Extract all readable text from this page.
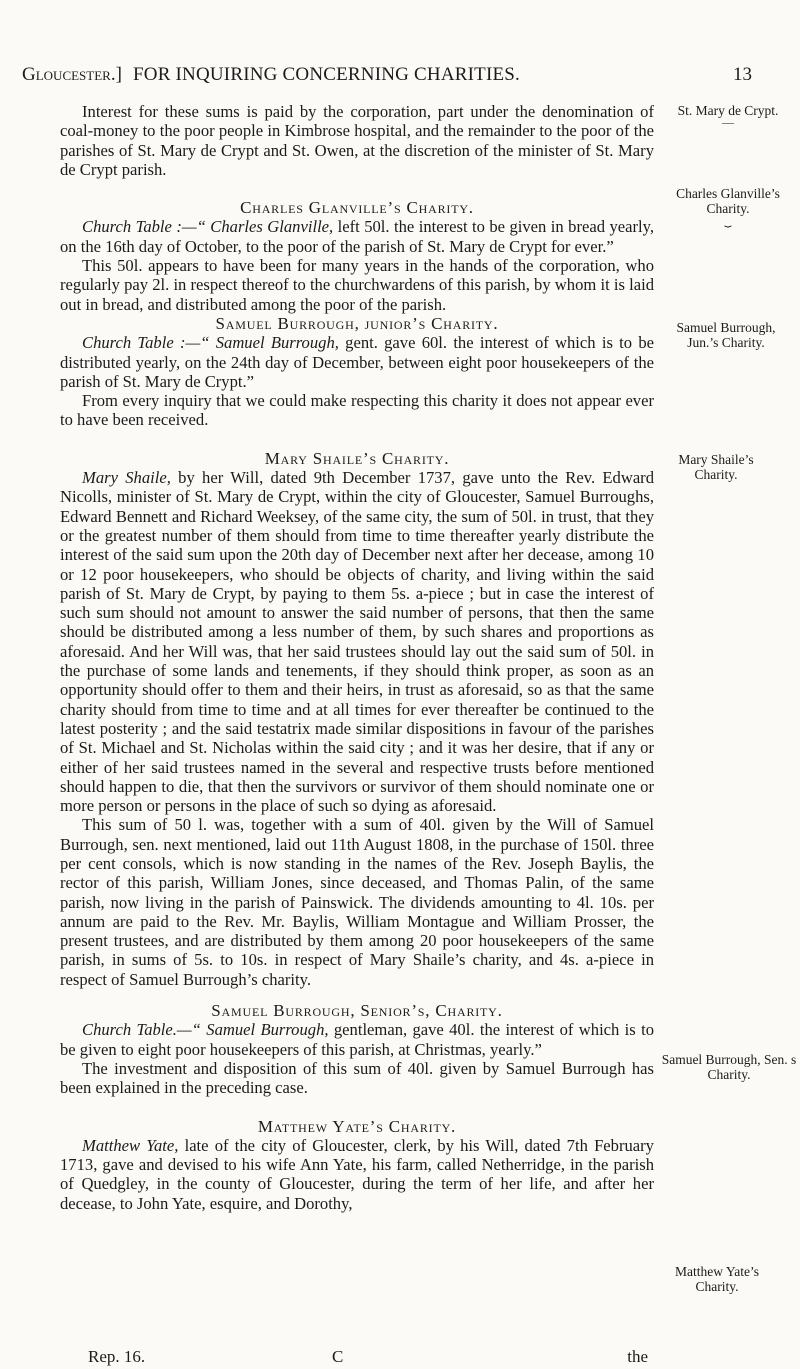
Gloucester.] FOR INQUIRING CONCERNING CHARITIES.	13

Interest for these sums is paid by the corporation, part under the denomination of coal-money to the poor people in Kimbrose hospital, and the remainder to the poor of the parishes of St. Mary de Crypt and St. Owen, at the discretion of the minister of St. Mary de Crypt parish.

Charles Glanville’s Charity.

Church Table :—“ Charles Glanville, left 50l. the interest to be given in bread yearly, on the 16th day of October, to the poor of the parish of St. Mary de Crypt for ever.”

This 50l. appears to have been for many years in the hands of the corporation, who regularly pay 2l. in respect thereof to the churchwardens of this parish, by whom it is laid out in bread, and distributed among the poor of the parish.

Samuel Burrough, junior’s Charity.

Church Table :—“ Samuel Burrough, gent. gave 60l. the interest of which is to be distributed yearly, on the 24th day of December, between eight poor housekeepers of the parish of St. Mary de Crypt.”

From every inquiry that we could make respecting this charity it does not appear ever to have been received.

Mary Shaile’s Charity.

Mary Shaile, by her Will, dated 9th December 1737, gave unto the Rev. Edward Nicolls, minister of St. Mary de Crypt, within the city of Gloucester, Samuel Burroughs, Edward Bennett and Richard Weeksey, of the same city, the sum of 50l. in trust, that they or the greatest number of them should from time to time thereafter yearly distribute the interest of the said sum upon the 20th day of December next after her decease, among 10 or 12 poor housekeepers, who should be objects of charity, and living within the said parish of St. Mary de Crypt, by paying to them 5s. a-piece ; but in case the interest of such sum should not amount to answer the said number of persons, that then the same should be distributed among a less number of them, by such shares and proportions as aforesaid. And her Will was, that her said trustees should lay out the said sum of 50l. in the purchase of some lands and tenements, if they should think proper, as soon as an opportunity should offer to them and their heirs, in trust as aforesaid, so as that the same charity should from time to time and at all times for ever thereafter be continued to the latest posterity ; and the said testatrix made similar dispositions in favour of the parishes of St. Michael and St. Nicholas within the said city ; and it was her desire, that if any or either of her said trustees named in the several and respective trusts before mentioned should happen to die, that then the survivors or survivor of them should nominate one or more person or persons in the place of such so dying as aforesaid.

This sum of 50 l. was, together with a sum of 40l. given by the Will of Samuel Burrough, sen. next mentioned, laid out 11th August 1808, in the purchase of 150l. three per cent consols, which is now standing in the names of the Rev. Joseph Baylis, the rector of this parish, William Jones, since deceased, and Thomas Palin, of the same parish, now living in the parish of Painswick. The dividends amounting to 4l. 10s. per annum are paid to the Rev. Mr. Baylis, William Montague and William Prosser, the present trustees, and are distributed by them among 20 poor housekeepers of the same parish, in sums of 5s. to 10s. in respect of Mary Shaile’s charity, and 4s. a-piece in respect of Samuel Burrough’s charity.

Samuel Burrough, Senior’s, Charity.

Church Table.—“ Samuel Burrough, gentleman, gave 40l. the interest of which is to be given to eight poor housekeepers of this parish, at Christmas, yearly.”

The investment and disposition of this sum of 40l. given by Samuel Burrough has been explained in the preceding case.

Matthew Yate’s Charity.

Matthew Yate, late of the city of Gloucester, clerk, by his Will, dated 7th February 1713, gave and devised to his wife Ann Yate, his farm, called Netherridge, in the parish of Quedgley, in the county of Gloucester, during the term of her life, and after her decease, to John Yate, esquire, and Dorothy,

St. Mary de Crypt.
—
Charles Glanville’s Charity.
⏟
Samuel Burrough, Jun.’s Charity.
Mary Shaile’s Charity.
Samuel Burrough, Sen. s Charity.
Matthew Yate’s Charity.
Rep. 16.	C	the
